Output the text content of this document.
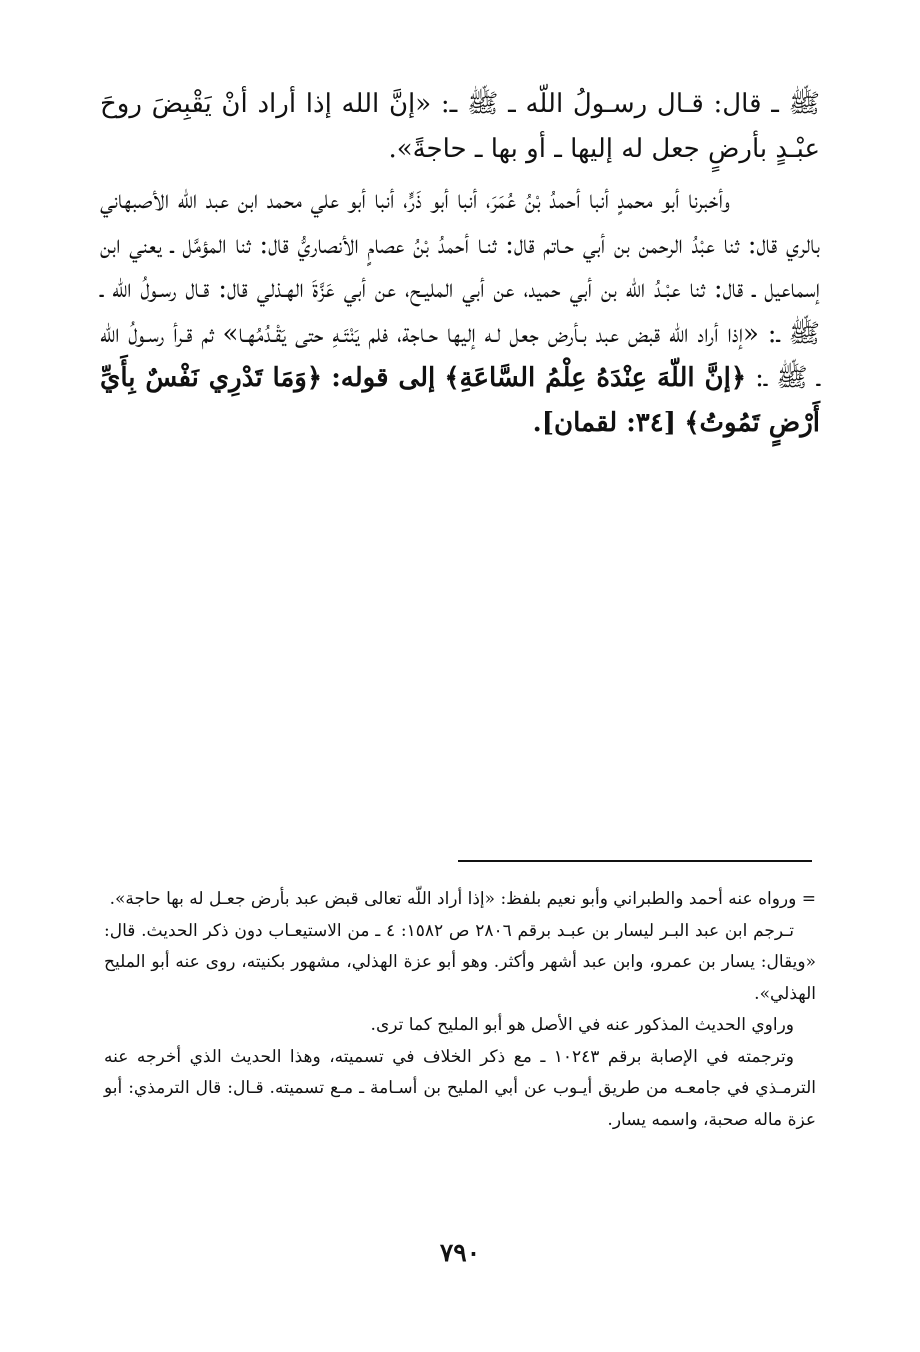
ﷺ ـ قال: قـال رسـولُ اللّه ـ ﷺ ـ: «إنَّ الله إذا أراد أنْ يَقْبِضَ روحَ عبْـدٍ بأرضٍ جعل له إليها ـ أو بها ـ حاجةً».

وأخبرنا أبو محمدٍ أنبا أحمدُ بْنُ عُمَرَ، أنبا أبو ذَرٍّ، أنبا أبو علي محمد ابن عبد اللّه الأصبهاني بالري قال: ثنا عبْدُ الرحمن بن أبي حـاتم قال: ثنـا أحمدُ بْنُ عصامٍ الأنصاريُّ قال: ثنا المؤمَّل ـ يعني ابن إسماعيل ـ قال: ثنا عبْـدُ اللّه بن أبي حميد، عن أبي المليـح، عن أبي عَزَّةَ الهـذلي قال: قـال رسـولُ اللّه ـ ﷺ ـ: «إذا أراد اللّه قبض عبد بـأرض جعل لـه إليها حـاجة، فلم يَنْتَـهِ حتى يَقْـدُمُهـا» ثم قـرأ رسـولُ اللّه ـ ﷺ ـ: ﴿إنَّ اللّهَ عِنْدَهُ عِلْمُ السَّاعَةِ﴾ إلى قوله: ﴿وَمَا تَدْرِي نَفْسٌ بِأَيِّ أَرْضٍ تَمُوتُ﴾ [٣٤: لقمان].

= ورواه عنه أحمد والطبراني وأبو نعيم بلفظ: «إذا أراد اللّه تعالى قبض عبد بأرض جعـل له بها حاجة».

تـرجم ابن عبد البـر ليسار بن عبـد برقم ٢٨٠٦ ص ١٥٨٢: ٤ ـ من الاستيعـاب دون ذكر الحديث. قال: «ويقال: يسار بن عمرو، وابن عبد أشهر وأكثر. وهو أبو عزة الهذلي، مشهور بكنيته، روى عنه أبو المليح الهذلي».

وراوي الحديث المذكور عنه في الأصل هو أبو المليح كما ترى.

وترجمته في الإصابة برقم ١٠٢٤٣ ـ مع ذكر الخلاف في تسميته، وهذا الحديث الذي أخرجه عنه الترمـذي في جامعـه من طريق أيـوب عن أبي المليح بن أسـامة ـ مـع تسميته. قـال: قال الترمذي: أبو عزة ماله صحبة، واسمه يسار.

٧٩٠
